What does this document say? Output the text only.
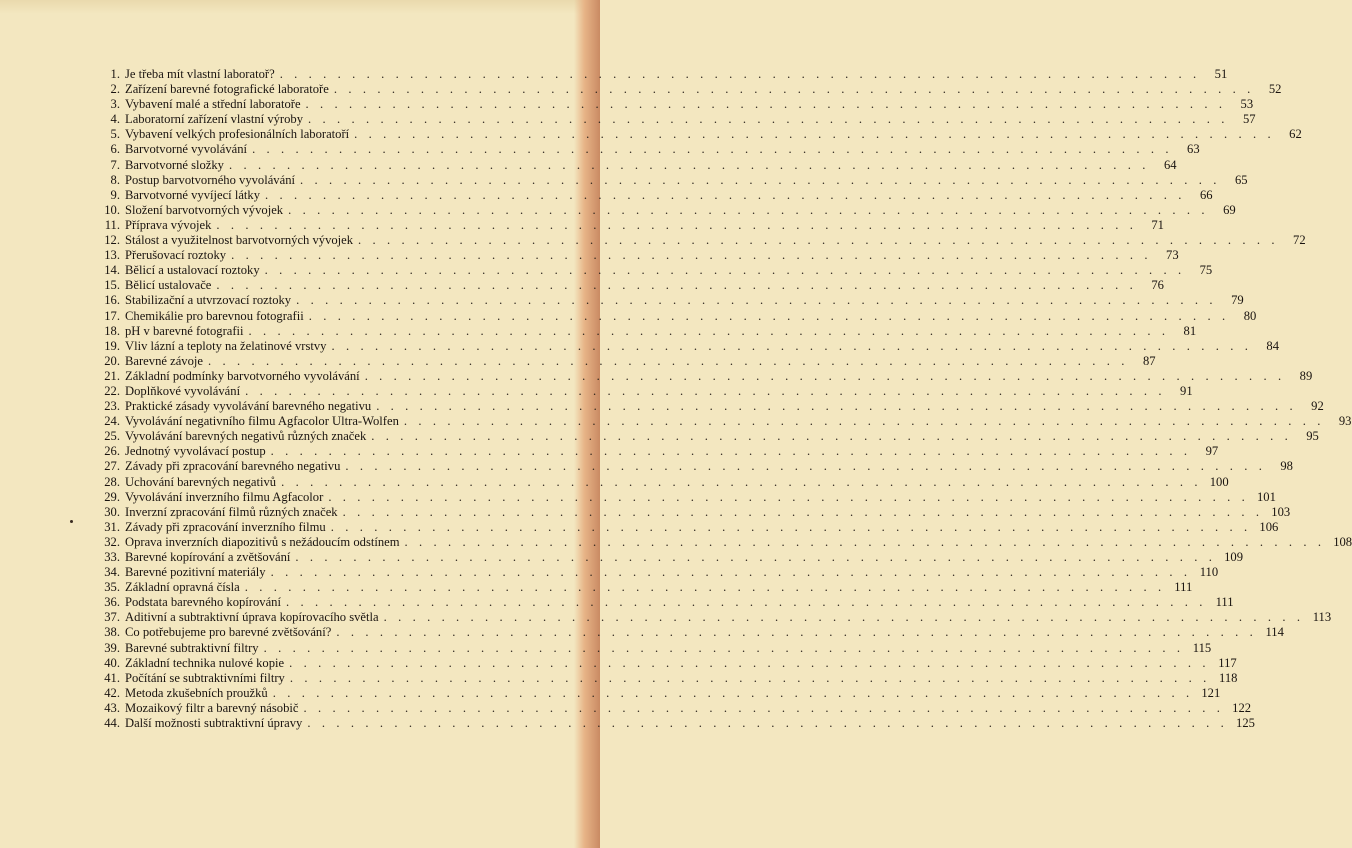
1. Je třeba mít vlastní laboratoř? . . .	51
2. Zařízení barevné fotografické laboratoře . . .	52
3. Vybavení malé a střední laboratoře . . .	53
4. Laboratorní zařízení vlastní výroby . . .	57
5. Vybavení velkých profesionálních laboratoří . . .	62
6. Barvotvorné vyvolávání . . .	63
7. Barvotvorné složky . . .	64
8. Postup barvotvorného vyvolávání . . .	65
9. Barvotvorné vyvíjecí látky . . .	66
10. Složení barvotvorných vývojek . . .	69
11. Příprava vývojek . . .	71
12. Stálost a využitelnost barvotvorných vývojek . . .	72
13. Přerušovací roztoky . . .	73
14. Bělicí a ustalovací roztoky . . .	75
15. Bělicí ustalovače . . .	76
16. Stabilizační a utvrzovací roztoky . . .	79
17. Chemikálie pro barevnou fotografii . . .	80
18. pH v barevné fotografii . . .	81
19. Vliv lázní a teploty na želatinové vrstvy . . .	84
20. Barevné závoje . . .	87
21. Základní podmínky barvotvorného vyvolávání . . .	89
22. Doplňkové vyvolávání . . .	91
23. Praktické zásady vyvolávání barevného negativu . . .	92
24. Vyvolávání negativního filmu Agfacolor Ultra-Wolfen . . .	93
25. Vyvolávání barevných negativů různých značek . . .	95
26. Jednotný vyvolávací postup . . .	97
27. Závady při zpracování barevného negativu . . .	98
28. Uchování barevných negativů . . .	100
29. Vyvolávání inverzního filmu Agfacolor . . .	101
30. Inverzní zpracování filmů různých značek . . .	103
31. Závady při zpracování inverzního filmu . . .	106
32. Oprava inverzních diapozitivů s nežádoucím odstínem . . .	108
33. Barevné kopírování a zvětšování . . .	109
34. Barevné pozitivní materiály . . .	110
35. Základní opravná čísla . . .	111
36. Podstata barevného kopírování . . .	111
37. Aditivní a subtraktivní úprava kopírovacího světla . . .	113
38. Co potřebujeme pro barevné zvětšování? . . .	114
39. Barevné subtraktivní filtry . . .	115
40. Základní technika nulové kopie . . .	117
41. Počítání se subtraktivními filtry . . .	118
42. Metoda zkušebních proužků . . .	121
43. Mozaikový filtr a barevný násobič . . .	122
44. Další možnosti subtraktivní úpravy . . .	125
